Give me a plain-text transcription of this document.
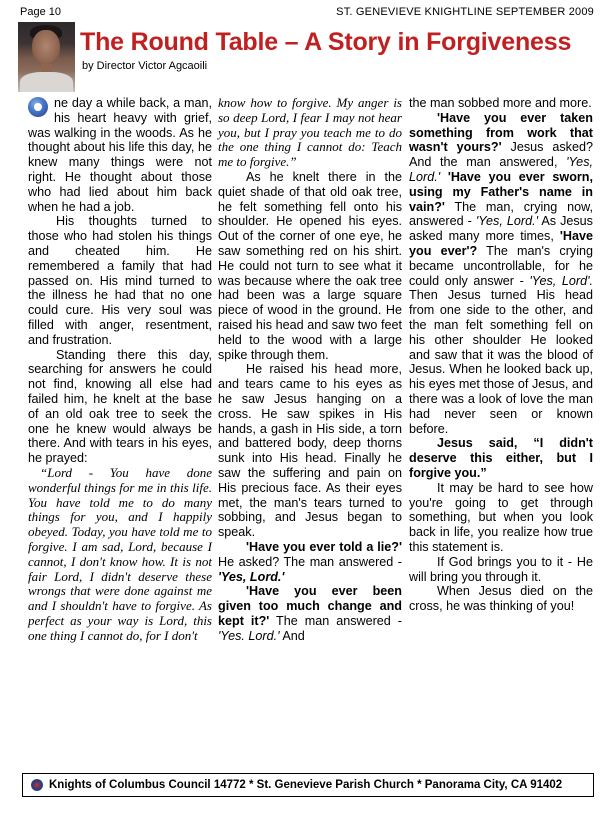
Page 10	ST. GENEVIEVE KNIGHTLINE SEPTEMBER 2009
The Round Table – A Story in Forgiveness
by Director Victor Agcaoili

ne day a while back, a man, his heart heavy with grief, was walking in the woods. As he thought about his life this day, he knew many things were not right. He thought about those who had lied about him back when he had a job.

His thoughts turned to those who had stolen his things and cheated him. He remembered a family that had passed on. His mind turned to the illness he had that no one could cure. His very soul was filled with anger, resentment, and frustration.

Standing there this day, searching for answers he could not find, knowing all else had failed him, he knelt at the base of an old oak tree to seek the one he knew would always be there. And with tears in his eyes, he prayed:

“Lord - You have done wonderful things for me in this life. You have told me to do many things for you, and I happily obeyed. Today, you have told me to forgive. I am sad, Lord, because I cannot, I don't know how. It is not fair Lord, I didn't deserve these wrongs that were done against me and I shouldn't have to forgive. As perfect as your way is Lord, this one thing I cannot do, for I don't

know how to forgive. My anger is so deep Lord, I fear I may not hear you, but I pray you teach me to do the one thing I cannot do: Teach me to forgive.”

As he knelt there in the quiet shade of that old oak tree, he felt something fell onto his shoulder. He opened his eyes. Out of the corner of one eye, he saw something red on his shirt. He could not turn to see what it was because where the oak tree had been was a large square piece of wood in the ground. He raised his head and saw two feet held to the wood with a large spike through them.

He raised his head more, and tears came to his eyes as he saw Jesus hanging on a cross. He saw spikes in His hands, a gash in His side, a torn and battered body, deep thorns sunk into His head. Finally he saw the suffering and pain on His precious face. As their eyes met, the man's tears turned to sobbing, and Jesus began to speak.

'Have you ever told a lie?' He asked? The man answered - 'Yes, Lord.'

'Have you ever been given too much change and kept it?' The man answered - 'Yes. Lord.' And

the man sobbed more and more.

'Have you ever taken something from work that wasn't yours?' Jesus asked? And the man answered, 'Yes, Lord.' 'Have you ever sworn, using my Father's name in vain?' The man, crying now, answered - 'Yes, Lord.' As Jesus asked many more times, 'Have you ever'? The man's crying became uncontrollable, for he could only answer - 'Yes, Lord'. Then Jesus turned His head from one side to the other, and the man felt something fell on his other shoulder He looked and saw that it was the blood of Jesus. When he looked back up, his eyes met those of Jesus, and there was a look of love the man had never seen or known before.

Jesus said, “I didn't deserve this either, but I forgive you.”

It may be hard to see how you're going to get through something, but when you look back in life, you realize how true this statement is.

If God brings you to it - He will bring you through it.

When Jesus died on the cross, he was thinking of you!

Knights of Columbus Council 14772 * St. Genevieve Parish Church * Panorama City, CA 91402
